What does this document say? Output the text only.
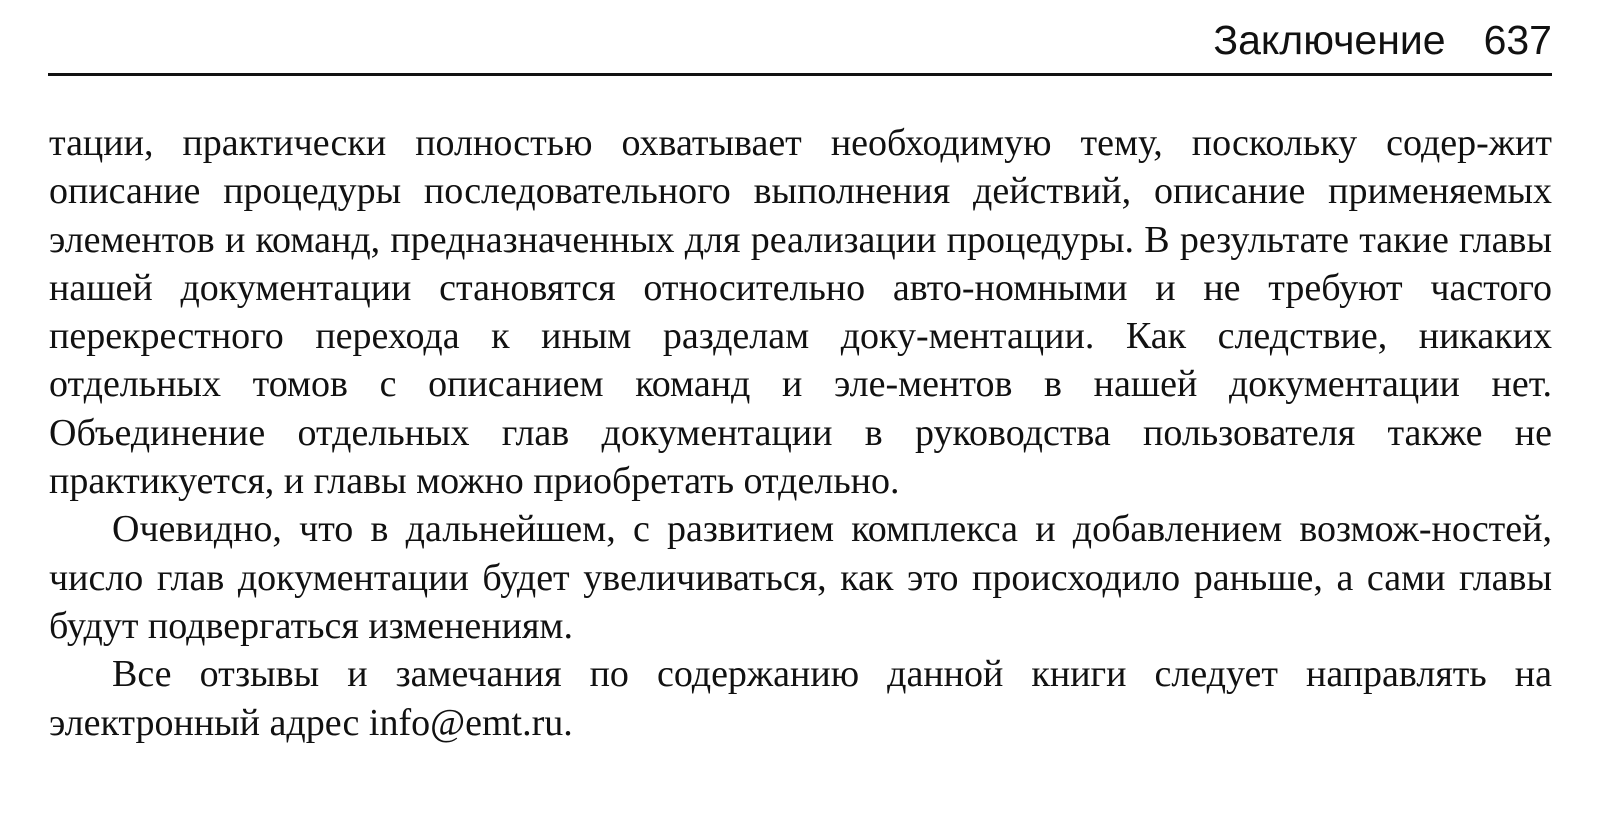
Заключение 637

тации, практически полностью охватывает необходимую тему, поскольку содер-жит описание процедуры последовательного выполнения действий, описание применяемых элементов и команд, предназначенных для реализации процедуры. В результате такие главы нашей документации становятся относительно авто-номными и не требуют частого перекрестного перехода к иным разделам доку-ментации. Как следствие, никаких отдельных томов с описанием команд и эле-ментов в нашей документации нет. Объединение отдельных глав документации в руководства пользователя также не практикуется, и главы можно приобретать отдельно.

Очевидно, что в дальнейшем, с развитием комплекса и добавлением возмож-ностей, число глав документации будет увеличиваться, как это происходило раньше, а сами главы будут подвергаться изменениям.

Все отзывы и замечания по содержанию данной книги следует направлять на электронный адрес info@emt.ru.
